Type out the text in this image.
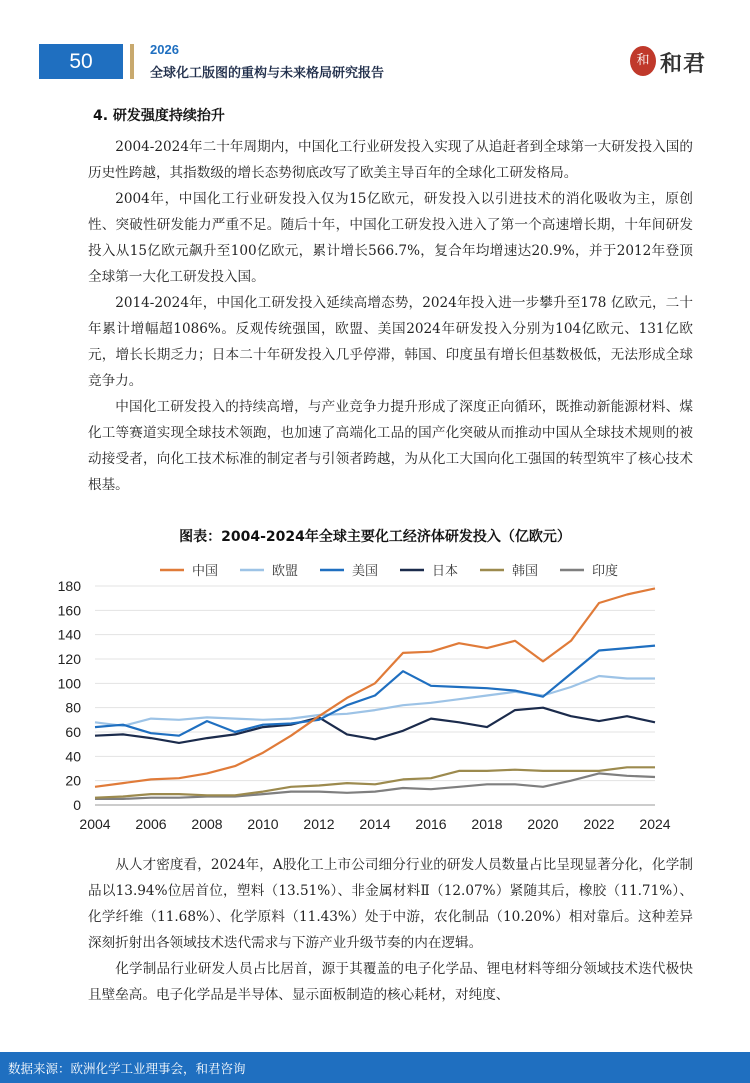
50
2026
全球化工版图的重构与未来格局研究报告
和 和君
4. 研发强度持续抬升

2004-2024年二十年周期内，中国化工行业研发投入实现了从追赶者到全球第一大研发投入国的历史性跨越，其指数级的增长态势彻底改写了欧美主导百年的全球化工研发格局。

2004年，中国化工行业研发投入仅为15亿欧元，研发投入以引进技术的消化吸收为主，原创性、突破性研发能力严重不足。随后十年，中国化工研发投入进入了第一个高速增长期，十年间研发投入从15亿欧元飙升至100亿欧元，累计增长566.7%，复合年均增速达20.9%，并于2012年登顶全球第一大化工研发投入国。

2014-2024年，中国化工研发投入延续高增态势，2024年投入进一步攀升至178 亿欧元，二十年累计增幅超1086%。反观传统强国，欧盟、美国2024年研发投入分别为104亿欧元、131亿欧元，增长长期乏力；日本二十年研发投入几乎停滞，韩国、印度虽有增长但基数极低，无法形成全球竞争力。

中国化工研发投入的持续高增，与产业竞争力提升形成了深度正向循环，既推动新能源材料、煤化工等赛道实现全球技术领跑，也加速了高端化工品的国产化突破从而推动中国从全球技术规则的被动接受者，向化工技术标准的制定者与引领者跨越，为从化工大国向化工强国的转型筑牢了核心技术根基。

图表：2004-2024年全球主要化工经济体研发投入（亿欧元）
中国	欧盟	美国	日本	韩国	印度
0
20
40
60
80
100
120
140
160
180
2004 2006 2008 2010 2012 2014 2016 2018 2020 2022 2024

从人才密度看，2024年，A股化工上市公司细分行业的研发人员数量占比呈现显著分化，化学制品以13.94%位居首位，塑料（13.51%）、非金属材料Ⅱ（12.07%）紧随其后，橡胶（11.71%）、化学纤维（11.68%）、化学原料（11.43%）处于中游，农化制品（10.20%）相对靠后。这种差异深刻折射出各领域技术迭代需求与下游产业升级节奏的内在逻辑。

化学制品行业研发人员占比居首，源于其覆盖的电子化学品、锂电材料等细分领域技术迭代极快且壁垒高。电子化学品是半导体、显示面板制造的核心耗材，对纯度、

数据来源：欧洲化学工业理事会，和君咨询
